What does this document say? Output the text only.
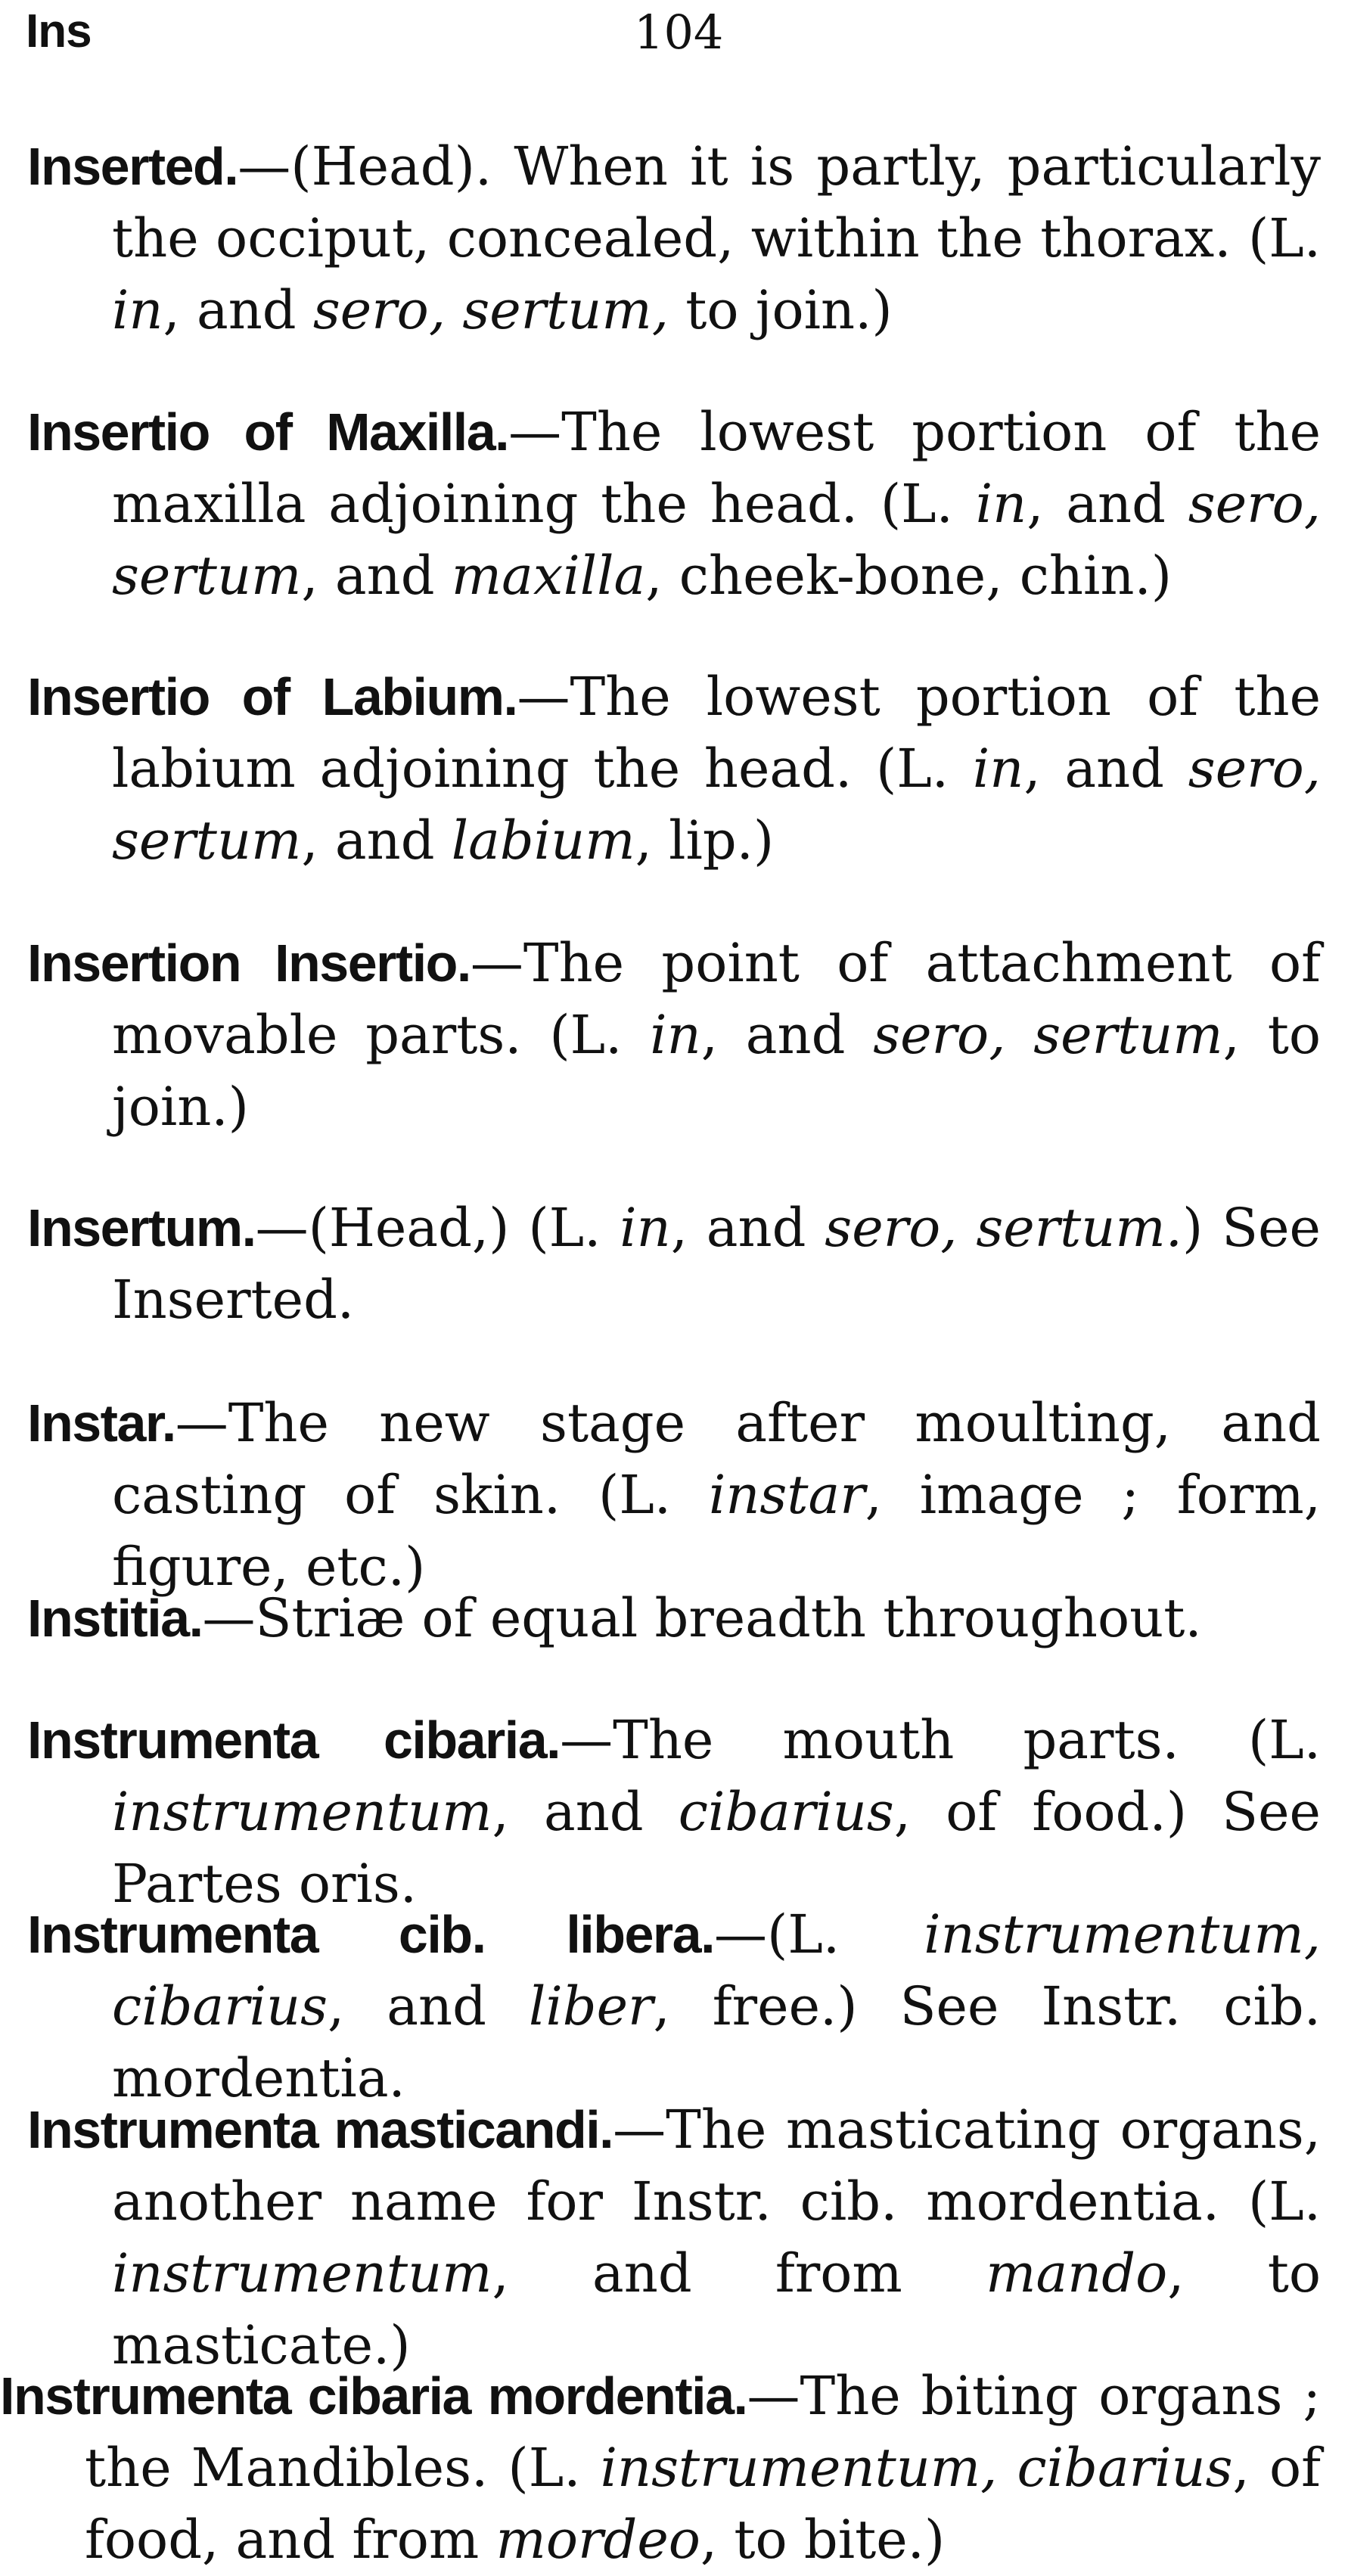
Ins	104
Inserted.—(Head). When it is partly, particularly the occiput, concealed, within the thorax. (L. in, and sero, sertum, to join.)
Insertio of Maxilla.—The lowest portion of the maxilla adjoining the head. (L. in, and sero, sertum, and maxilla, cheek-bone, chin.)
Insertio of Labium.—The lowest portion of the labium adjoining the head. (L. in, and sero, sertum, and labium, lip.)
Insertion Insertio.—The point of attachment of movable parts. (L. in, and sero, sertum, to join.)
Insertum.—(Head,) (L. in, and sero, sertum.) See Inserted.
Instar.—The new stage after moulting, and casting of skin. (L. instar, image ; form, figure, etc.)
Institia.—Striæ of equal breadth throughout.
Instrumenta cibaria.—The mouth parts. (L. instrumentum, and cibarius, of food.) See Partes oris.
Instrumenta cib. libera.—(L. instrumentum, cibarius, and liber, free.) See Instr. cib. mordentia.
Instrumenta masticandi.—The masticating organs, another name for Instr. cib. mordentia. (L. instrumentum, and from mando, to masticate.)
Instrumenta cibaria mordentia.—The biting organs ; the Mandibles. (L. instrumentum, cibarius, of food, and from mordeo, to bite.)
